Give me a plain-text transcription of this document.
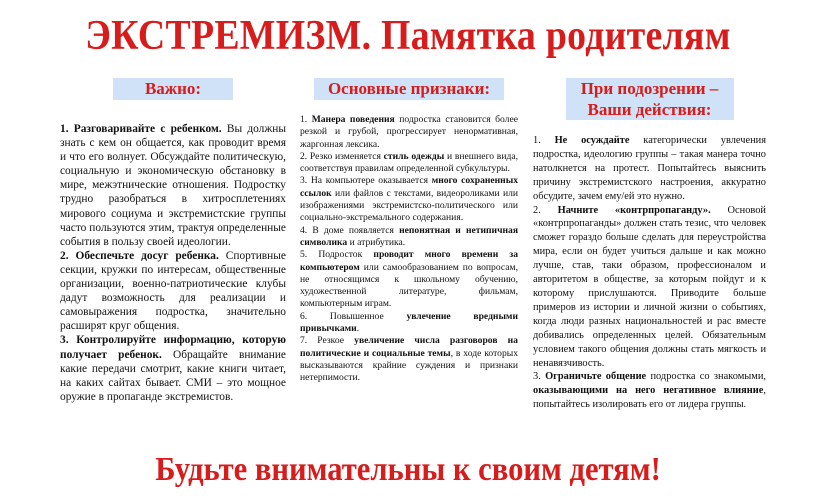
ЭКСТРЕМИЗМ. Памятка родителям
Важно:

1. Разговаривайте с ребенком. Вы должны знать с кем он общается, как проводит время и что его волнует. Обсуждайте политическую, социальную и экономическую обстановку в мире, межэтнические отношения. Подростку трудно разобраться в хитросплетениях мирового социума и экстремистские группы часто пользуются этим, трактуя определенные события в пользу своей идеологии.

2. Обеспечьте досуг ребенка. Спортивные секции, кружки по интересам, общественные организации, военно-патриотические клубы дадут возможность для реализации и самовыражения подростка, значительно расширят круг общения.

3. Контролируйте информацию, которую получает ребенок. Обращайте внимание какие передачи смотрит, какие книги читает, на каких сайтах бывает. СМИ – это мощное оружие в пропаганде экстремистов.

Основные признаки:

1. Манера поведения подростка становится более резкой и грубой, прогрессирует ненормативная, жаргонная лексика.

2. Резко изменяется стиль одежды и внешнего вида, соответствуя правилам определенной субкультуры.

3. На компьютере оказывается много сохраненных ссылок или файлов с текстами, видеороликами или изображениями экстремистско-политического или социально-экстремального содержания.

4. В доме появляется непонятная и нетипичная символика и атрибутика.

5. Подросток проводит много времени за компьютером или самообразованием по вопросам, не относящимся к школьному обучению, художественной литературе, фильмам, компьютерным играм.

6. Повышенное увлечение вредными привычками.

7. Резкое увеличение числа разговоров на политические и социальные темы, в ходе которых высказываются крайние суждения и признаки нетерпимости.

При подозрении – Ваши действия:

1. Не осуждайте категорически увлечения подростка, идеологию группы – такая манера точно натолкнется на протест. Попытайтесь выяснить причину экстремистского настроения, аккуратно обсудите, зачем ему/ей это нужно.

2. Начните «контрпропаганду». Основой «контрпропаганды» должен стать тезис, что человек сможет гораздо больше сделать для переустройства мира, если он будет учиться дальше и как можно лучше, став, таки образом, профессионалом и авторитетом в обществе, за которым пойдут и к которому прислушаются. Приводите больше примеров из истории и личной жизни о событиях, когда люди разных национальностей и рас вместе добивались определенных целей. Обязательным условием такого общения должны стать мягкость и ненавязчивость.

3. Ограничьте общение подростка со знакомыми, оказывающими на него негативное влияние, попытайтесь изолировать его от лидера группы.

Будьте внимательны к своим детям!
